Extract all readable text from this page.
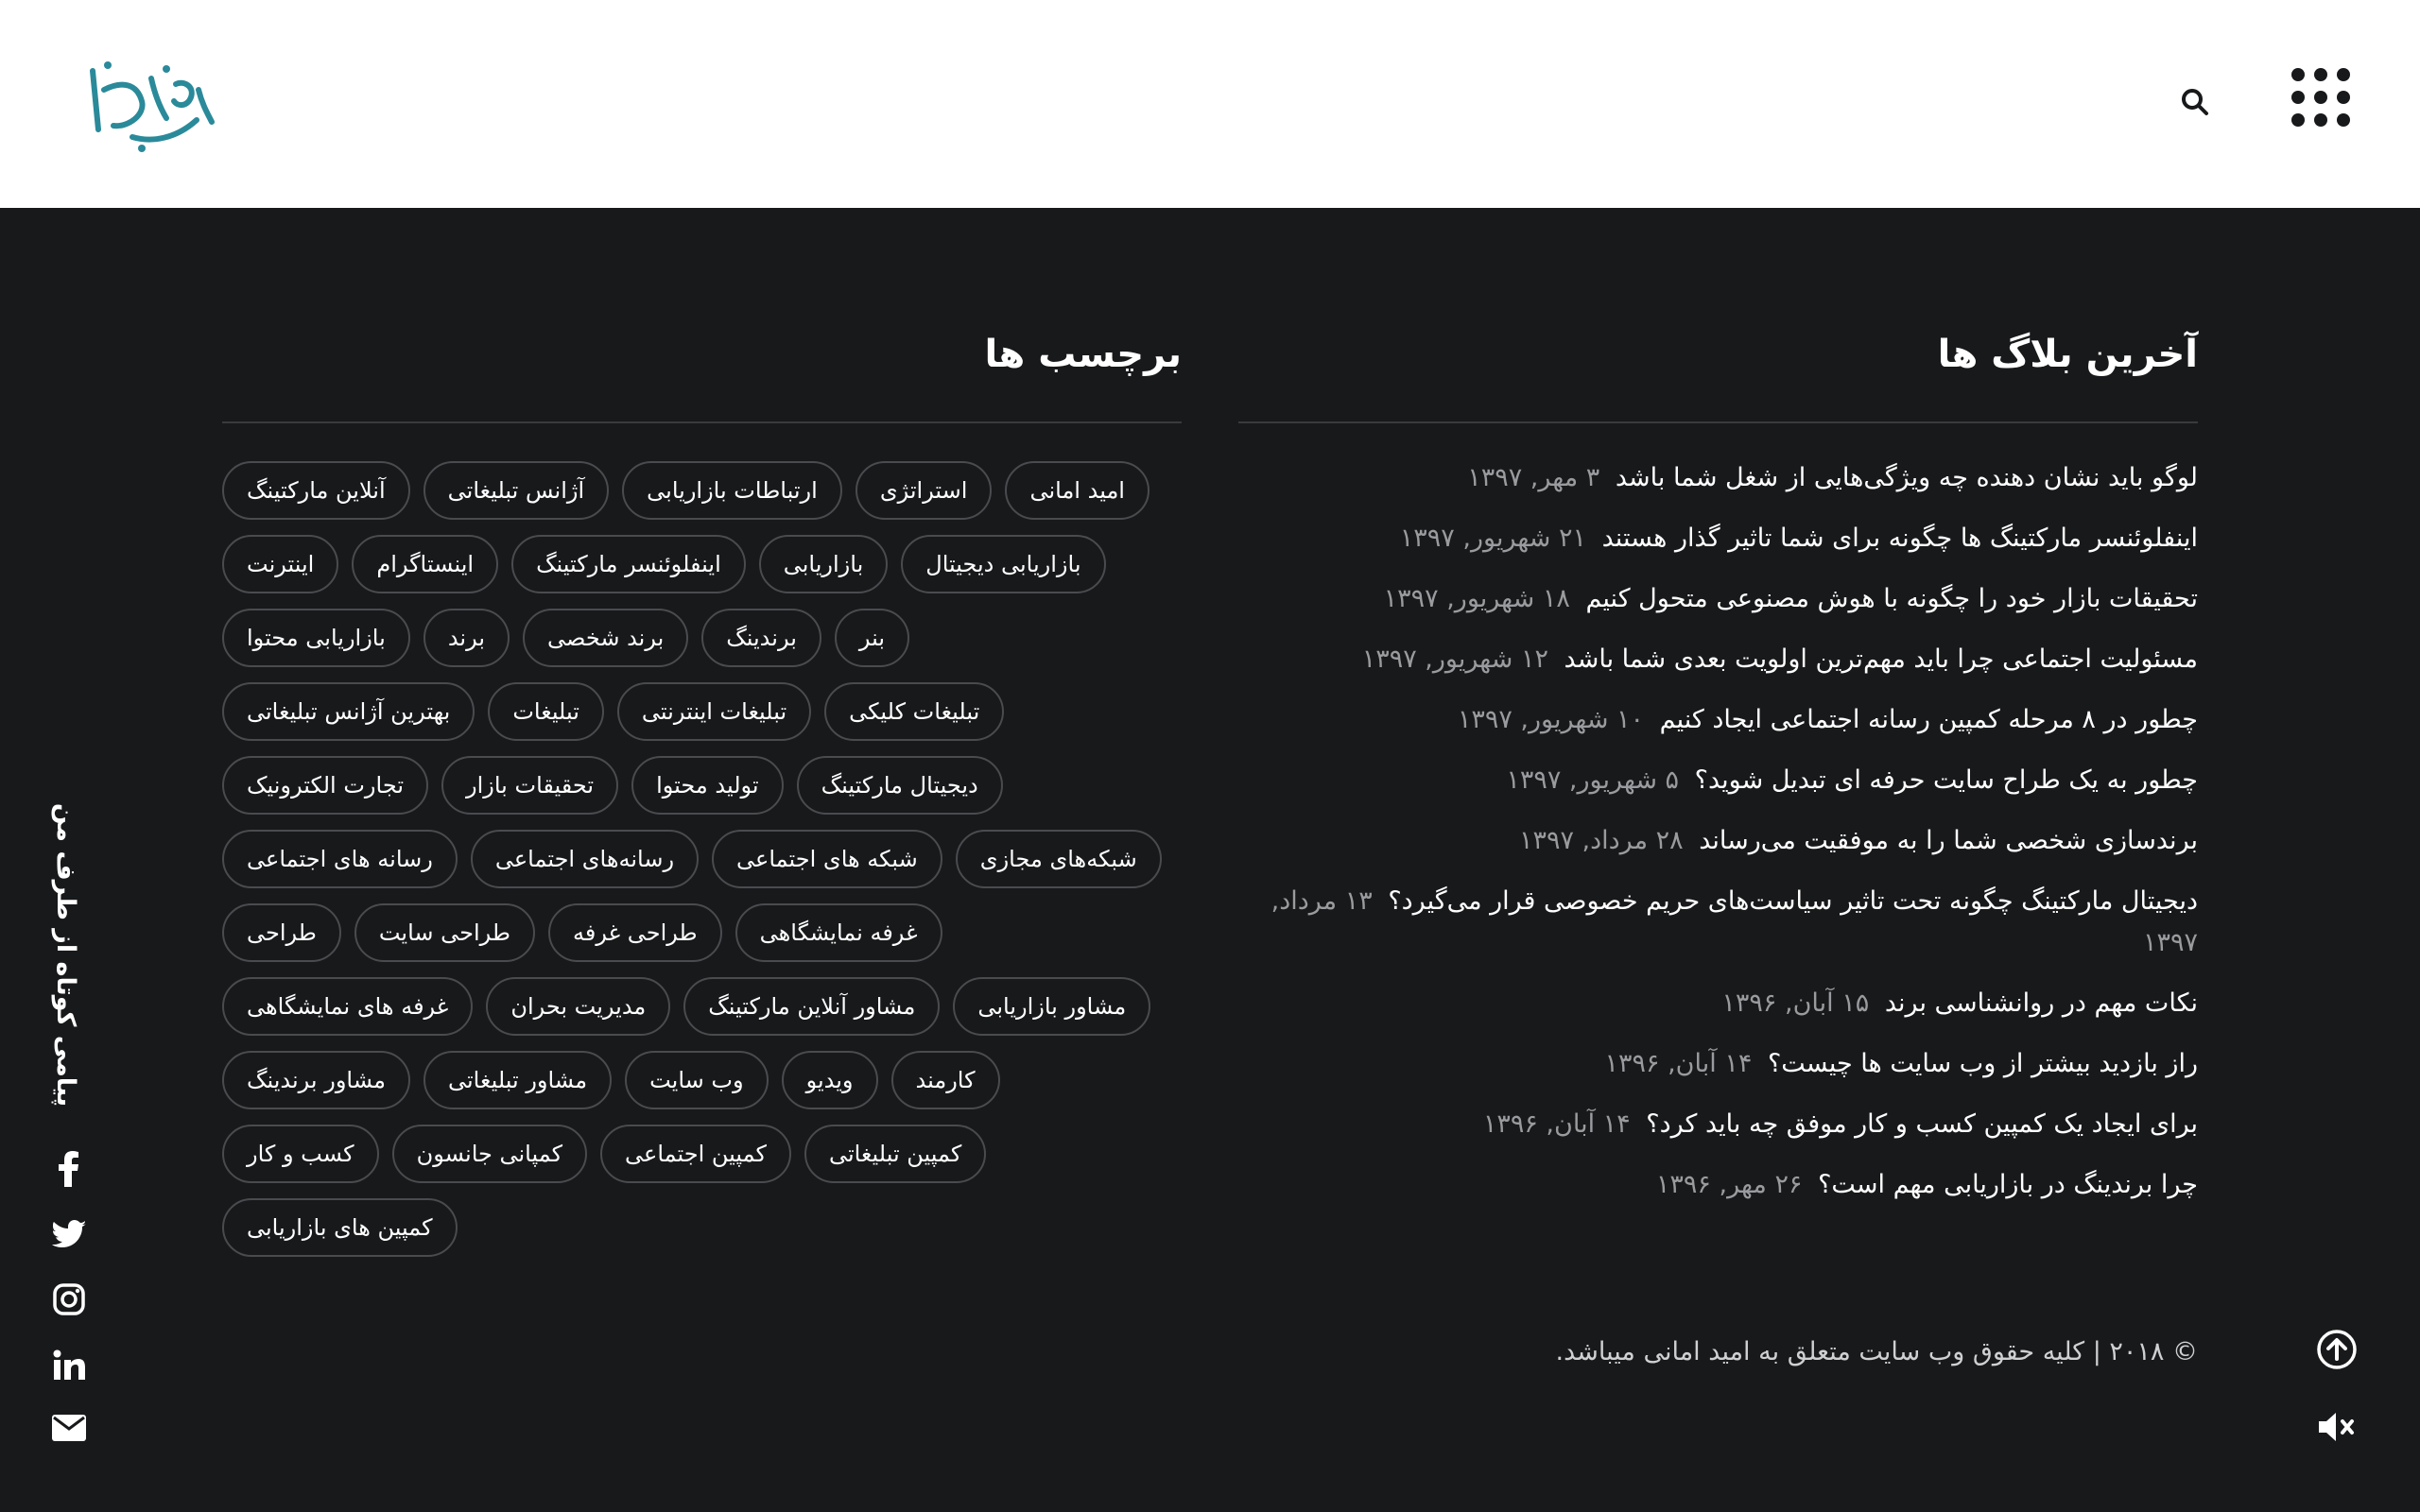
پیامی کوتاه از طرف من
آخرین بلاگ ها
لوگو باید نشان دهنده چه ویژگی‌هایی از شغل شما باشد ۳ مهر, ۱۳۹۷
اینفلوئنسر مارکتینگ ها چگونه برای شما تاثیر گذار هستند ۲۱ شهریور, ۱۳۹۷
تحقیقات بازار خود را چگونه با هوش مصنوعی متحول کنیم ۱۸ شهریور, ۱۳۹۷
مسئولیت اجتماعی چرا باید مهم‌ترین اولویت بعدی شما باشد ۱۲ شهریور, ۱۳۹۷
چطور در ۸ مرحله کمپین رسانه اجتماعی ایجاد کنیم ۱۰ شهریور, ۱۳۹۷
چطور به یک طراح سایت حرفه ای تبدیل شوید؟ ۵ شهریور, ۱۳۹۷
برندسازی شخصی شما را به موفقیت می‌رساند ۲۸ مرداد, ۱۳۹۷
دیجیتال مارکتینگ چگونه تحت تاثیر سیاست‌های حریم خصوصی قرار می‌گیرد؟ ۱۳ مرداد, ۱۳۹۷
نکات مهم در روانشناسی برند ۱۵ آبان, ۱۳۹۶
راز بازدید بیشتر از وب سایت ها چیست؟ ۱۴ آبان, ۱۳۹۶
برای ایجاد یک کمپین کسب و کار موفق چه باید کرد؟ ۱۴ آبان, ۱۳۹۶
چرا برندینگ در بازاریابی مهم است؟ ۲۶ مهر, ۱۳۹۶
برچسب ها
آنلاین مارکتینگ	آژانس تبلیغاتی	ارتباطات بازاریابی	استراتژی	امید امانی
اینترنت	اینستاگرام	اینفلوئنسر مارکتینگ	بازاریابی	بازاریابی دیجیتال
بازاریابی محتوا	برند	برند شخصی	برندینگ	بنر
بهترین آژانس تبلیغاتی	تبلیغات	تبلیغات اینترنتی	تبلیغات کلیکی
تجارت الکترونیک	تحقیقات بازار	تولید محتوا	دیجیتال مارکتینگ
رسانه های اجتماعی	رسانه‌های اجتماعی	شبکه های اجتماعی	شبکه‌های مجازی
طراحی	طراحی سایت	طراحی غرفه	غرفه نمایشگاهی
غرفه های نمایشگاهی	مدیریت بحران	مشاور آنلاین مارکتینگ	مشاور بازاریابی
مشاور برندینگ	مشاور تبلیغاتی	وب سایت	ویدیو	کارمند
کسب و کار	کمپانی جانسون	کمپین اجتماعی	کمپین تبلیغاتی
کمپین های بازاریابی
© ۲۰۱۸ | کلیه حقوق وب سایت متعلق به امید امانی میباشد.
